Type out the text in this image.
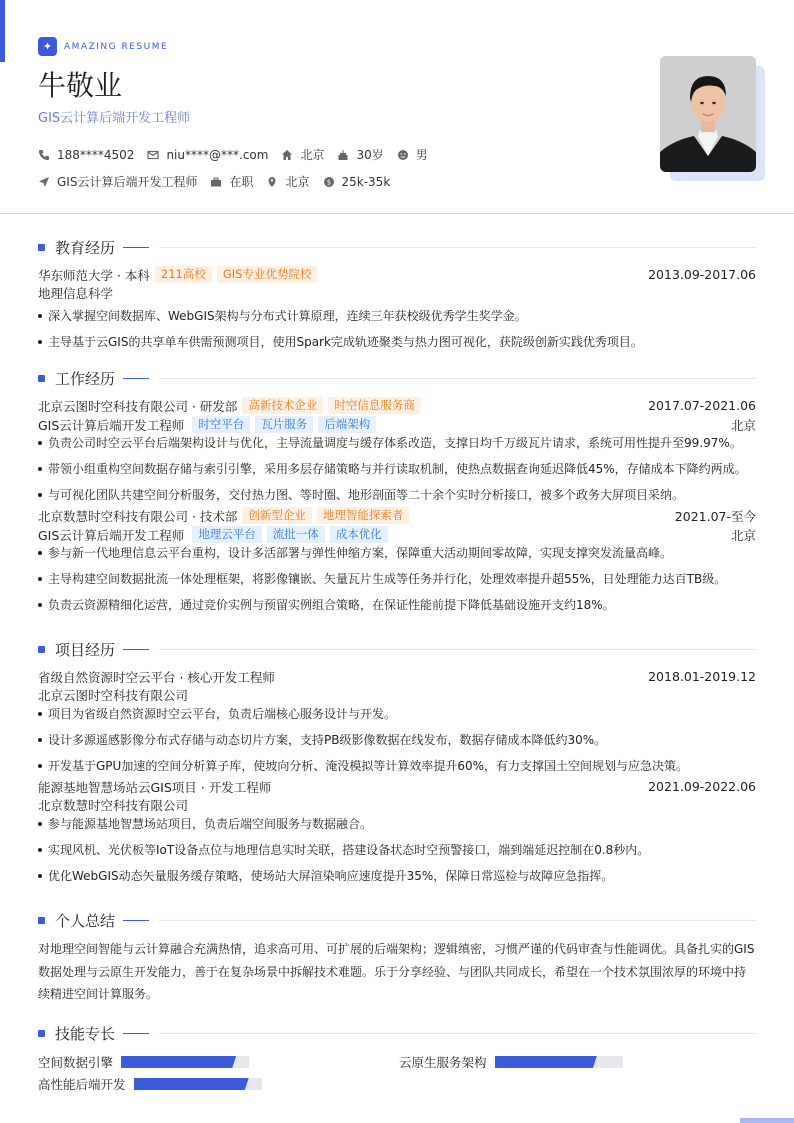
✦	AMAZING RESUME
牛敬业
GIS云计算后端开发工程师
188****4502	niu****@***.com	北京	30岁	男
GIS云计算后端开发工程师	在职	北京 $ 25k-35k
教育经历
华东师范大学 · 本科 211高校	GIS专业优势院校	2013.09-2017.06
地理信息科学
深入掌握空间数据库、WebGIS架构与分布式计算原理，连续三年获校级优秀学生奖学金。
主导基于云GIS的共享单车供需预测项目，使用Spark完成轨迹聚类与热力图可视化，获院级创新实践优秀项目。
工作经历
北京云图时空科技有限公司 · 研发部 高新技术企业	时空信息服务商	2017.07-2021.06
GIS云计算后端开发工程师	时空平台	瓦片服务	后端架构	北京
负责公司时空云平台后端架构设计与优化，主导流量调度与缓存体系改造，支撑日均千万级瓦片请求，系统可用性提升至99.97%。
带领小组重构空间数据存储与索引引擎，采用多层存储策略与并行读取机制，使热点数据查询延迟降低45%，存储成本下降约两成。
与可视化团队共建空间分析服务，交付热力图、等时圈、地形剖面等二十余个实时分析接口，被多个政务大屏项目采纳。
北京数慧时空科技有限公司 · 技术部 创新型企业	地理智能探索者	2021.07-至今
GIS云计算后端开发工程师	地理云平台	流批一体	成本优化	北京
参与新一代地理信息云平台重构，设计多活部署与弹性伸缩方案，保障重大活动期间零故障，实现支撑突发流量高峰。
主导构建空间数据批流一体处理框架，将影像镶嵌、矢量瓦片生成等任务并行化，处理效率提升超55%，日处理能力达百TB级。
负责云资源精细化运营，通过竞价实例与预留实例组合策略，在保证性能前提下降低基础设施开支约18%。
项目经历
省级自然资源时空云平台 · 核心开发工程师	2018.01-2019.12
北京云图时空科技有限公司
项目为省级自然资源时空云平台，负责后端核心服务设计与开发。
设计多源遥感影像分布式存储与动态切片方案，支持PB级影像数据在线发布，数据存储成本降低约30%。
开发基于GPU加速的空间分析算子库，使坡向分析、淹没模拟等计算效率提升60%，有力支撑国土空间规划与应急决策。
能源基地智慧场站云GIS项目 · 开发工程师	2021.09-2022.06
北京数慧时空科技有限公司
参与能源基地智慧场站项目，负责后端空间服务与数据融合。
实现风机、光伏板等IoT设备点位与地理信息实时关联，搭建设备状态时空预警接口，端到端延迟控制在0.8秒内。
优化WebGIS动态矢量服务缓存策略，使场站大屏渲染响应速度提升35%，保障日常巡检与故障应急指挥。
个人总结
对地理空间智能与云计算融合充满热情，追求高可用、可扩展的后端架构；逻辑缜密，习惯严谨的代码审查与性能调优。具备扎实的GIS数据处理与云原生开发能力，善于在复杂场景中拆解技术难题。乐于分享经验、与团队共同成长，希望在一个技术氛围浓厚的环境中持续精进空间计算服务。
技能专长
空间数据引擎	云原生服务架构
高性能后端开发
